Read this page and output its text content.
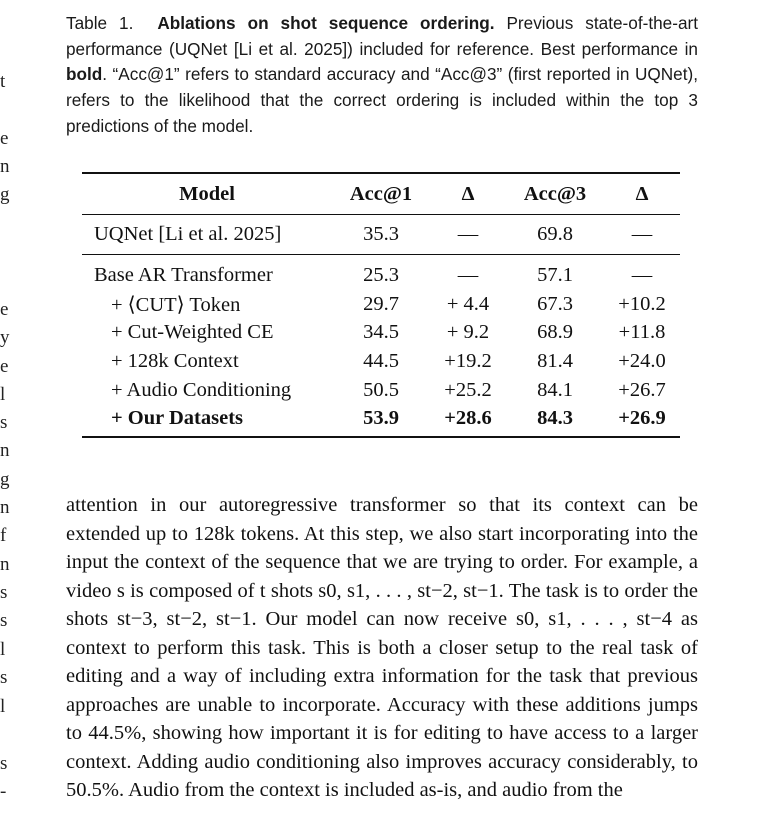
t
e
n
g
e
y
e
l
s
n
g
n
f
n
s
s
l
s
l
s
-
Table 1. Ablations on shot sequence ordering. Previous state-of-the-art performance (UQNet [Li et al. 2025]) included for reference. Best performance in bold. “Acc@1” refers to standard accuracy and “Acc@3” (first reported in UQNet), refers to the likelihood that the correct ordering is included within the top 3 predictions of the model.
Model	Acc@1	Δ	Acc@3	Δ
UQNet [Li et al. 2025]	35.3	—	69.8	—
Base AR Transformer	25.3	—	57.1	—
+ ⟨CUT⟩ Token	29.7	+ 4.4	67.3	+10.2
+ Cut-Weighted CE	34.5	+ 9.2	68.9	+11.8
+ 128k Context	44.5	+19.2	81.4	+24.0
+ Audio Conditioning	50.5	+25.2	84.1	+26.7
+ Our Datasets	53.9	+28.6	84.3	+26.9

attention in our autoregressive transformer so that its context can be extended up to 128k tokens. At this step, we also start incorporating into the input the context of the sequence that we are trying to order. For example, a video s is composed of t shots s0, s1, . . . , st−2, st−1. The task is to order the shots st−3, st−2, st−1. Our model can now receive s0, s1, . . . , st−4 as context to perform this task. This is both a closer setup to the real task of editing and a way of including extra information for the task that previous approaches are unable to incorporate. Accuracy with these additions jumps to 44.5%, showing how important it is for editing to have access to a larger context. Adding audio conditioning also improves accuracy considerably, to 50.5%. Audio from the context is included as-is, and audio from the
